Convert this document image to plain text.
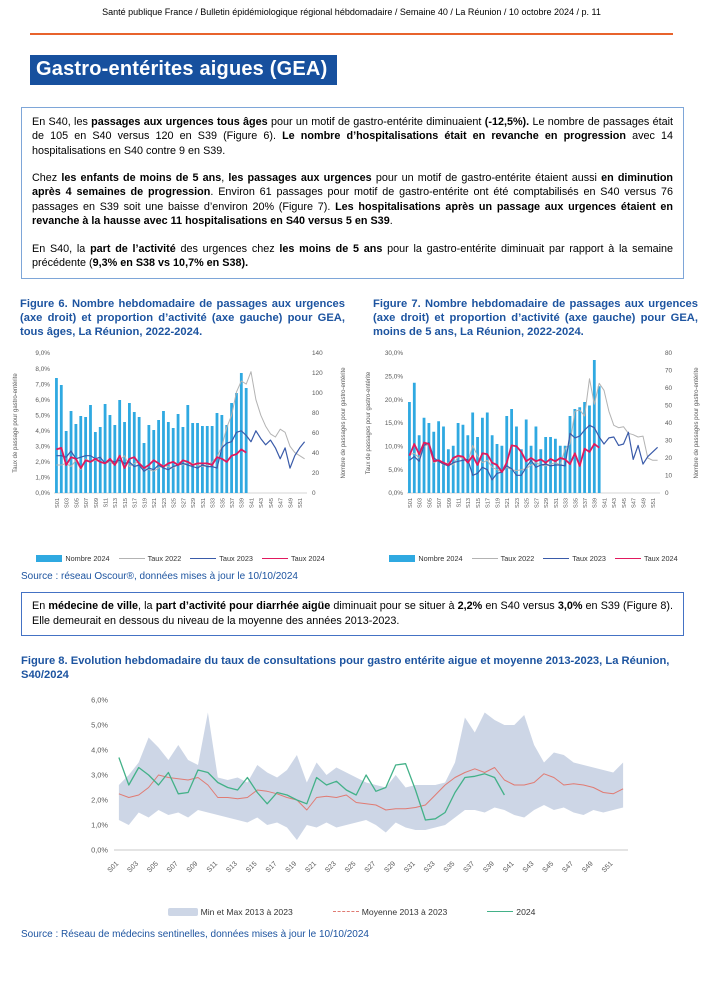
Santé publique France / Bulletin épidémiologique régional hébdomadaire / Semaine 40 / La Réunion / 10 octobre 2024 / p. 11
Gastro-entérites aigues (GEA)

En S40, les passages aux urgences tous âges pour un motif de gastro-entérite diminuaient (-12,5%). Le nombre de passages était de 105 en S40 versus 120 en S39 (Figure 6). Le nombre d’hospitalisations était en revanche en progression avec 14 hospitalisations en S40 contre 9 en S39.

Chez les enfants de moins de 5 ans, les passages aux urgences pour un motif de gastro-entérite étaient aussi en diminution après 4 semaines de progression. Environ 61 passages pour motif de gastro-entérite ont été comptabilisés en S40 versus 76 passages en S39 soit une baisse d’environ 20% (Figure 7). Les hospitalisations après un passage aux urgences étaient en revanche à la hausse avec 11 hospitalisations en S40 versus 5 en S39.

En S40, la part de l’activité des urgences chez les moins de 5 ans pour la gastro-entérite diminuait par rapport à la semaine précédente (9,3% en S38 vs 10,7% en S38).

Figure 6. Nombre hebdomadaire de passages aux urgences (axe droit) et proportion d’activité (axe gauche) pour GEA, tous âges, La Réunion, 2022-2024.
0,0%
1,0%
2,0%
3,0%
4,0%
5,0%
6,0%
7,0%
8,0%
9,0%
0
20
40
60
80
100
120
140
S01 S03 S05 S07 S09 S11 S13 S15 S17 S19 S21 S23 S25 S27 S29 S31 S33 S35 S37 S39 S41 S43 S45 S47 S49 S51
Taux de passage pour gastro-entérite	Nombre de passages pour gastro-entérite
Nombre 2024	Taux 2022	Taux 2023	Taux 2024
Figure 7. Nombre hebdomadaire de passages aux urgences (axe droit) et proportion d’activité (axe gauche) pour GEA, moins de 5 ans, La Réunion, 2022-2024.
0,0%
5,0%
10,0%
15,0%
20,0%
25,0%
30,0%
0
10
20
30
40
50
60
70
80
S01 S03 S05 S07 S09 S11 S13 S15 S17 S19 S21 S23 S25 S27 S29 S31 S33 S35 S37 S39 S41 S43 S45 S47 S49 S51
Taux de passages pour gastro-entérite	Nombre de passages pour gastro-entérite
Nombre 2024	Taux 2022	Taux 2023	Taux 2024
Source : réseau Oscour®, données mises à jour le 10/10/2024

En médecine de ville, la part d’activité pour diarrhée aigüe diminuait pour se situer à 2,2% en S40 versus 3,0% en S39 (Figure 8). Elle demeurait en dessous du niveau de la moyenne des années 2013-2023.

Figure 8. Evolution hebdomadaire du taux de consultations pour gastro entérite aigue et moyenne 2013-2023, La Réunion, S40/2024
0,0%
1,0%
2,0%
3,0%
4,0%
5,0%
6,0%
S01 S03 S05 S07 S09 S11 S13 S15 S17 S19 S21 S23 S25 S27 S29 S31 S33 S35 S37 S39 S41 S43 S45 S47 S49 S51
Min et Max 2013 à 2023	Moyenne 2013 à 2023	2024
Source : Réseau de médecins sentinelles, données mises à jour le 10/10/2024
